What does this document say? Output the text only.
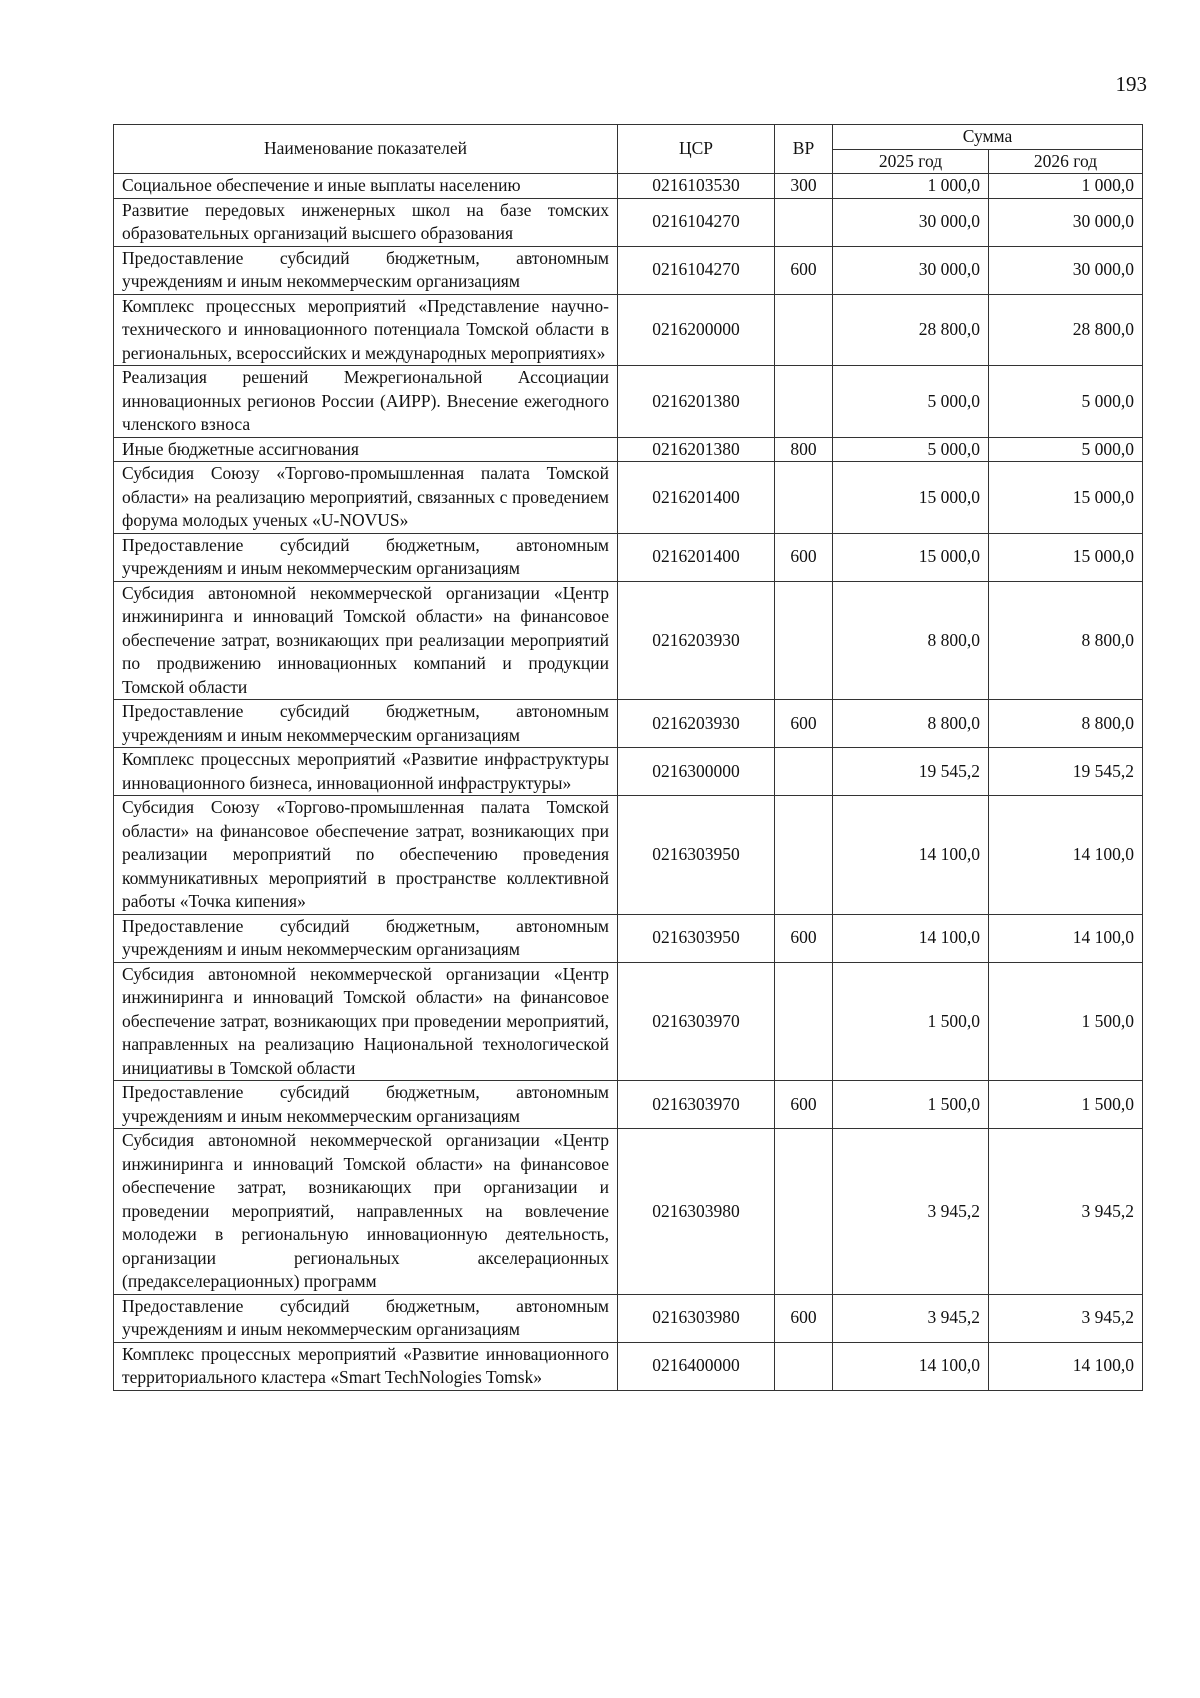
193
Наименование показателей	ЦСР	ВР	Сумма	
			2025 год	2026 год
Социальное обеспечение и иные выплаты населению	0216103530	300	1 000,0	1 000,0
Развитие передовых инженерных школ на базе томских образовательных организаций высшего образования	0216104270		30 000,0	30 000,0
Предоставление субсидий бюджетным, автономным учреждениям и иным некоммерческим организациям	0216104270	600	30 000,0	30 000,0
Комплекс процессных мероприятий «Представление научно-технического и инновационного потенциала Томской области в региональных, всероссийских и международных мероприятиях»	0216200000		28 800,0	28 800,0
Реализация решений Межрегиональной Ассоциации инновационных регионов России (АИРР). Внесение ежегодного членского взноса	0216201380		5 000,0	5 000,0
Иные бюджетные ассигнования	0216201380	800	5 000,0	5 000,0
Субсидия Союзу «Торгово-промышленная палата Томской области» на реализацию мероприятий, связанных с проведением форума молодых ученых «U-NOVUS»	0216201400		15 000,0	15 000,0
Предоставление субсидий бюджетным, автономным учреждениям и иным некоммерческим организациям	0216201400	600	15 000,0	15 000,0
Субсидия автономной некоммерческой организации «Центр инжиниринга и инноваций Томской области» на финансовое обеспечение затрат, возникающих при реализации мероприятий по продвижению инновационных компаний и продукции Томской области	0216203930		8 800,0	8 800,0
Предоставление субсидий бюджетным, автономным учреждениям и иным некоммерческим организациям	0216203930	600	8 800,0	8 800,0
Комплекс процессных мероприятий «Развитие инфраструктуры инновационного бизнеса, инновационной инфраструктуры»	0216300000		19 545,2	19 545,2
Субсидия Союзу «Торгово-промышленная палата Томской области» на финансовое обеспечение затрат, возникающих при реализации мероприятий по обеспечению проведения коммуникативных мероприятий в пространстве коллективной работы «Точка кипения»	0216303950		14 100,0	14 100,0
Предоставление субсидий бюджетным, автономным учреждениям и иным некоммерческим организациям	0216303950	600	14 100,0	14 100,0
Субсидия автономной некоммерческой организации «Центр инжиниринга и инноваций Томской области» на финансовое обеспечение затрат, возникающих при проведении мероприятий, направленных на реализацию Национальной технологической инициативы в Томской области	0216303970		1 500,0	1 500,0
Предоставление субсидий бюджетным, автономным учреждениям и иным некоммерческим организациям	0216303970	600	1 500,0	1 500,0
Субсидия автономной некоммерческой организации «Центр инжиниринга и инноваций Томской области» на финансовое обеспечение затрат, возникающих при организации и проведении мероприятий, направленных на вовлечение молодежи в региональную инновационную деятельность, организации региональных акселерационных (предакселерационных) программ	0216303980		3 945,2	3 945,2
Предоставление субсидий бюджетным, автономным учреждениям и иным некоммерческим организациям	0216303980	600	3 945,2	3 945,2
Комплекс процессных мероприятий «Развитие инновационного территориального кластера «Smart TechNologies Tomsk»	0216400000		14 100,0	14 100,0
